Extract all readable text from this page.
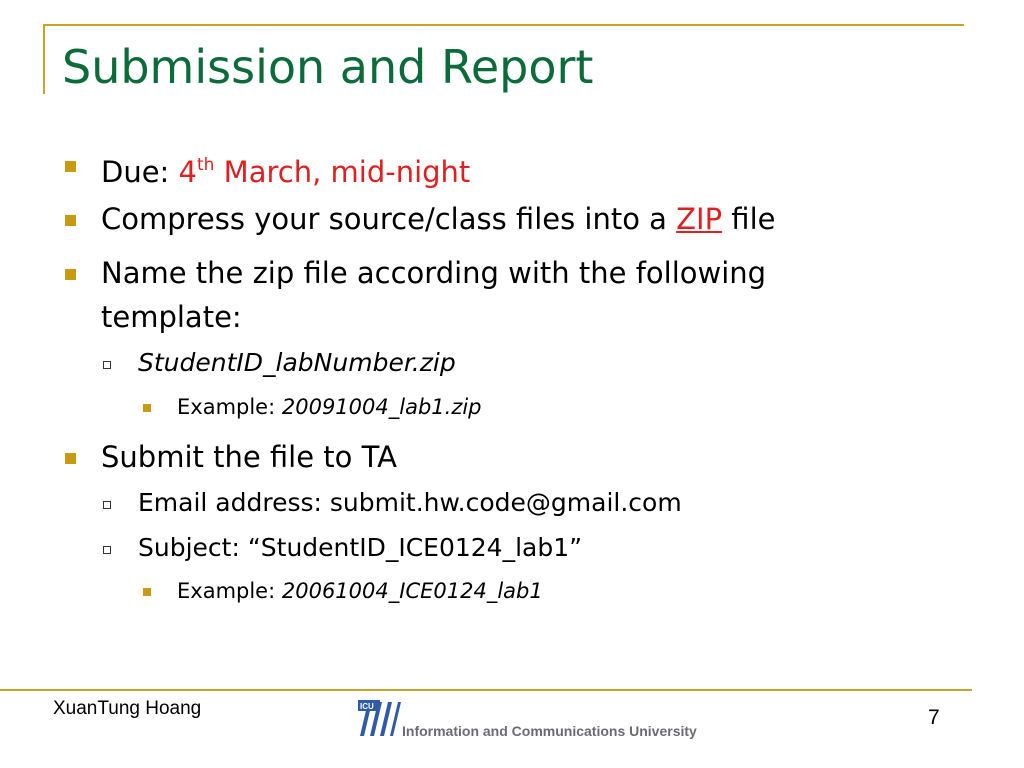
Submission and Report
Due: 4th March, mid-night
Compress your source/class files into a ZIP file
Name the zip file according with the following
template:
StudentID_labNumber.zip
Example: 20091004_lab1.zip
Submit the file to TA
Email address: submit.hw.code@gmail.com
Subject: “StudentID_ICE0124_lab1”
Example: 20061004_ICE0124_lab1
XuanTung Hoang	ICU
Information and Communications University
7
